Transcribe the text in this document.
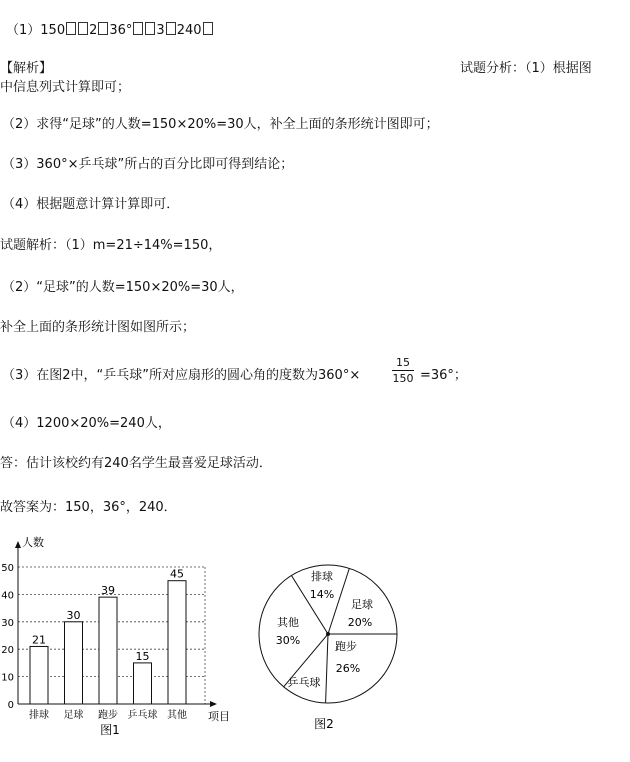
（1）150 2 36° 3 240
【解析】	试题分析：（1）根据图
中信息列式计算即可；
（2）求得“足球”的人数=150×20%=30人，补全上面的条形统计图即可；
（3）360°×乒乓球”所占的百分比即可得到结论；
（4）根据题意计算计算即可．
试题解析：（1）m=21÷14%=150，
（2）“足球”的人数=150×20%=30人，
补全上面的条形统计图如图所示；
（3）在图2中，“乒乓球”所对应扇形的圆心角的度数为360°×
15
150 =36°；
（4）1200×20%=240人，
答：估计该校约有240名学生最喜爱足球活动．
故答案为：150，36°，240．
0
10
20
30
40
50
排球 足球 跑步 乒乓球 其他
21
30
39
15
45
人数
项目
图1
排球
14%
足球
20%
跑步
26%
乒乓球
其他
30%
图2
